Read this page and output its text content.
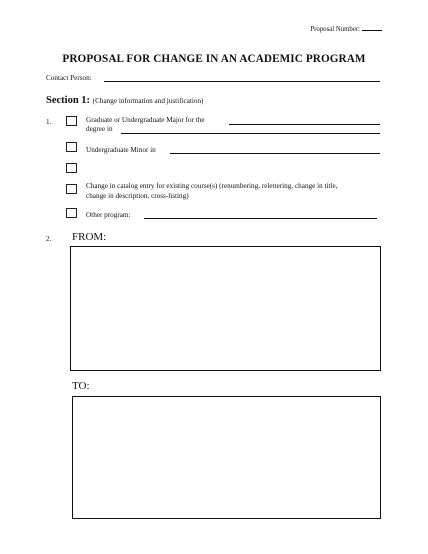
Proposal Number:
PROPOSAL FOR CHANGE IN AN ACADEMIC PROGRAM
Contact Person:
Section 1: (Change information and justification)
1.	Graduate or Undergraduate Major for the
degree in
Undergraduate Minor in
Change in catalog entry for existing course(s) (renumbering, relettering, change in title,
change in description, cross-listing)
Other program:
2. FROM:
TO:
